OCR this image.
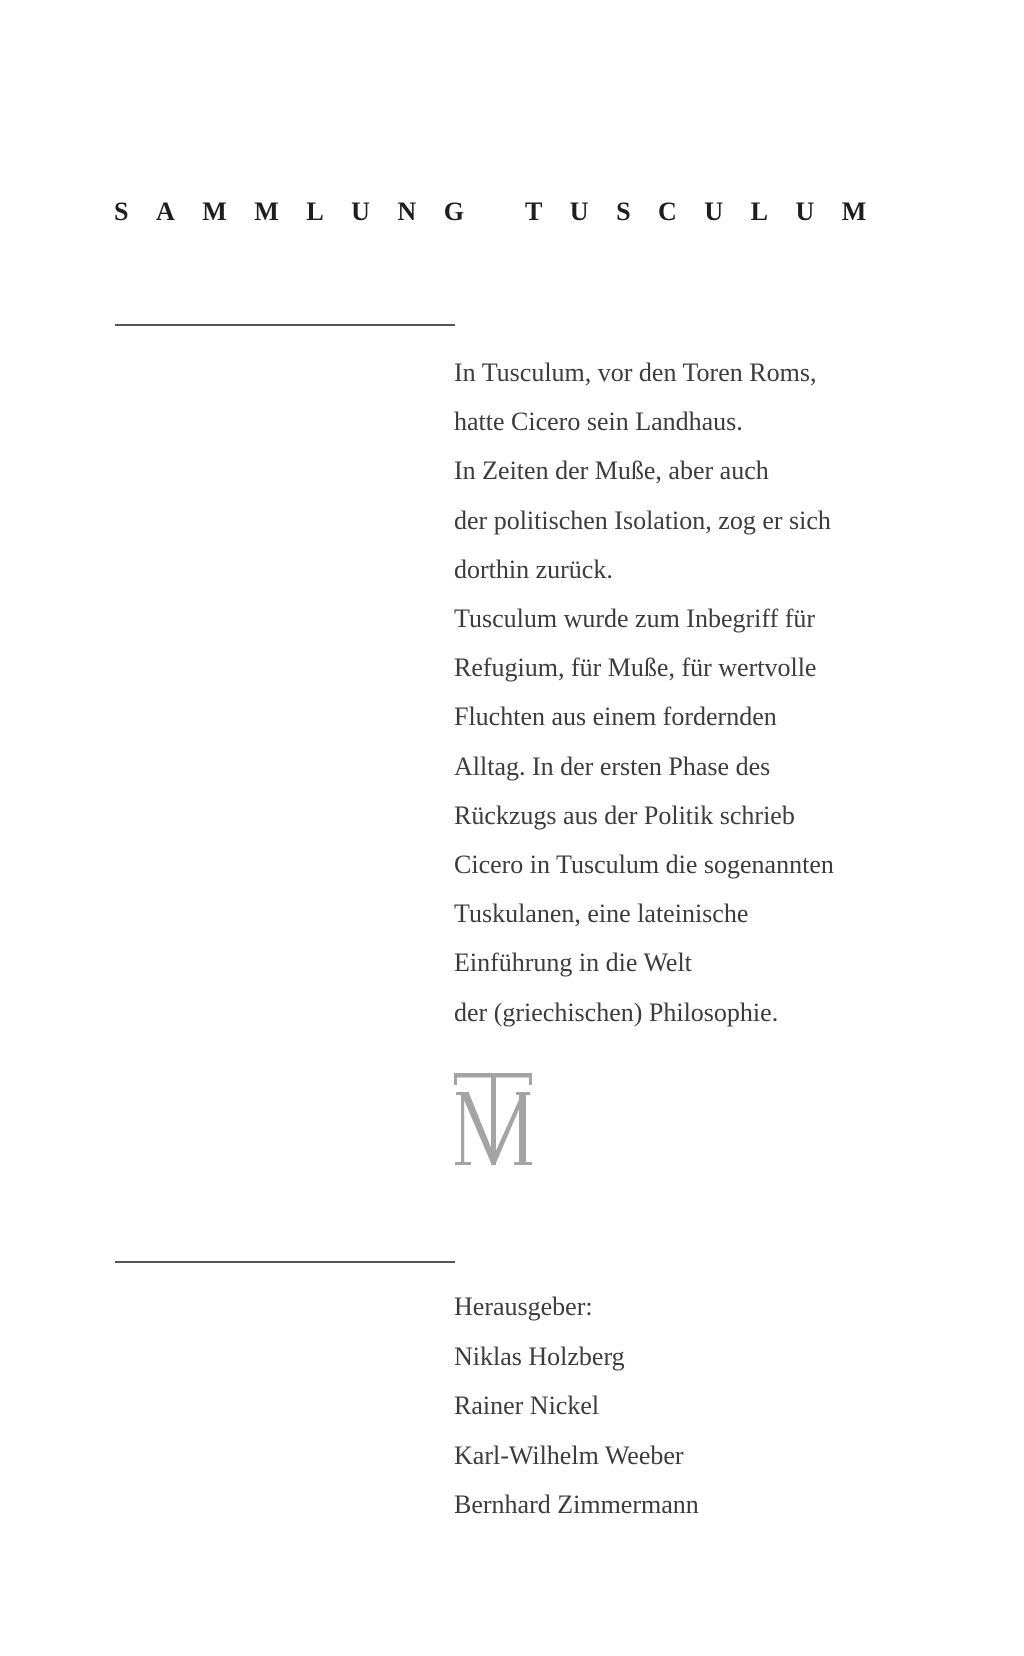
SAMMLUNG TUSCULUM
In Tusculum, vor den Toren Roms,
hatte Cicero sein Landhaus.
In Zeiten der Muße, aber auch
der politischen Isolation, zog er sich
dorthin zurück.
Tusculum wurde zum Inbegriff für
Refugium, für Muße, für wertvolle
Fluchten aus einem fordernden
Alltag. In der ersten Phase des
Rückzugs aus der Politik schrieb
Cicero in Tusculum die sogenannten
Tuskulanen, eine lateinische
Einführung in die Welt
der (griechischen) Philosophie.
Herausgeber:
Niklas Holzberg
Rainer Nickel
Karl-Wilhelm Weeber
Bernhard Zimmermann
